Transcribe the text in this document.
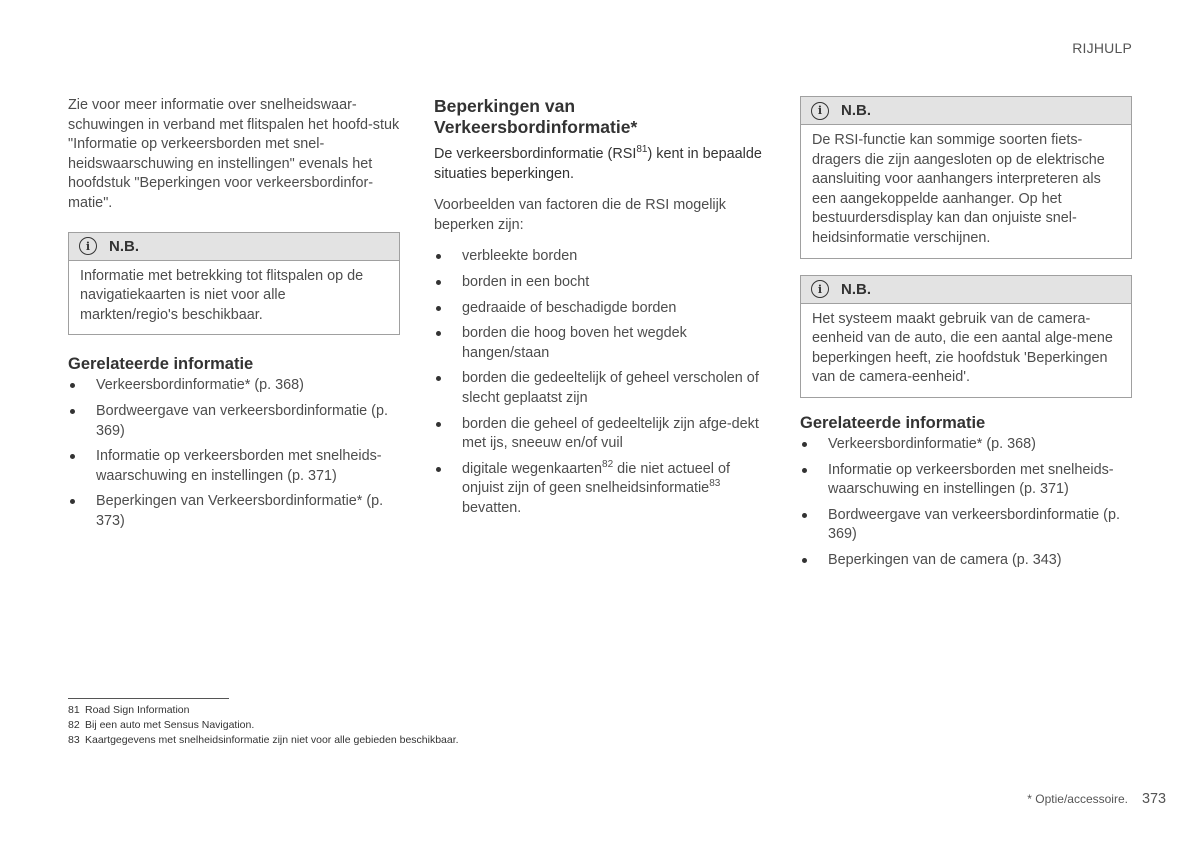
RIJHULP

Zie voor meer informatie over snelheidswaar-schuwingen in verband met flitspalen het hoofd-stuk "Informatie op verkeersborden met snel-heidswaarschuwing en instellingen" evenals het hoofdstuk "Beperkingen voor verkeersbordinfor-matie".

i	N.B.
Informatie met betrekking tot flitspalen op de navigatiekaarten is niet voor alle markten/regio's beschikbaar.
Gerelateerde informatie
Verkeersbordinformatie* (p. 368)
Bordweergave van verkeersbordinformatie (p. 369)
Informatie op verkeersborden met snelheids-waarschuwing en instellingen (p. 371)
Beperkingen van Verkeersbordinformatie* (p. 373)
Beperkingen van
Verkeersbordinformatie*

De verkeersbordinformatie (RSI$^{81}$) kent in bepaalde situaties beperkingen.

Voorbeelden van factoren die de RSI mogelijk beperken zijn:

verbleekte borden
borden in een bocht
gedraaide of beschadigde borden
borden die hoog boven het wegdek hangen/staan
borden die gedeeltelijk of geheel verscholen of slecht geplaatst zijn
borden die geheel of gedeeltelijk zijn afge-dekt met ijs, sneeuw en/of vuil
digitale wegenkaarten$^{82}$ die niet actueel of onjuist zijn of geen snelheidsinformatie$^{83}$ bevatten.
i	N.B.
De RSI-functie kan sommige soorten fiets-dragers die zijn aangesloten op de elektrische aansluiting voor aanhangers interpreteren als een aangekoppelde aanhanger. Op het bestuurdersdisplay kan dan onjuiste snel-heidsinformatie verschijnen.
i	N.B.
Het systeem maakt gebruik van de camera-eenheid van de auto, die een aantal alge-mene beperkingen heeft, zie hoofdstuk 'Beperkingen van de camera-eenheid'.
Gerelateerde informatie
Verkeersbordinformatie* (p. 368)
Informatie op verkeersborden met snelheids-waarschuwing en instellingen (p. 371)
Bordweergave van verkeersbordinformatie (p. 369)
Beperkingen van de camera (p. 343)
81 Road Sign Information
82 Bij een auto met Sensus Navigation.
83 Kaartgegevens met snelheidsinformatie zijn niet voor alle gebieden beschikbaar.
* Optie/accessoire. 373
